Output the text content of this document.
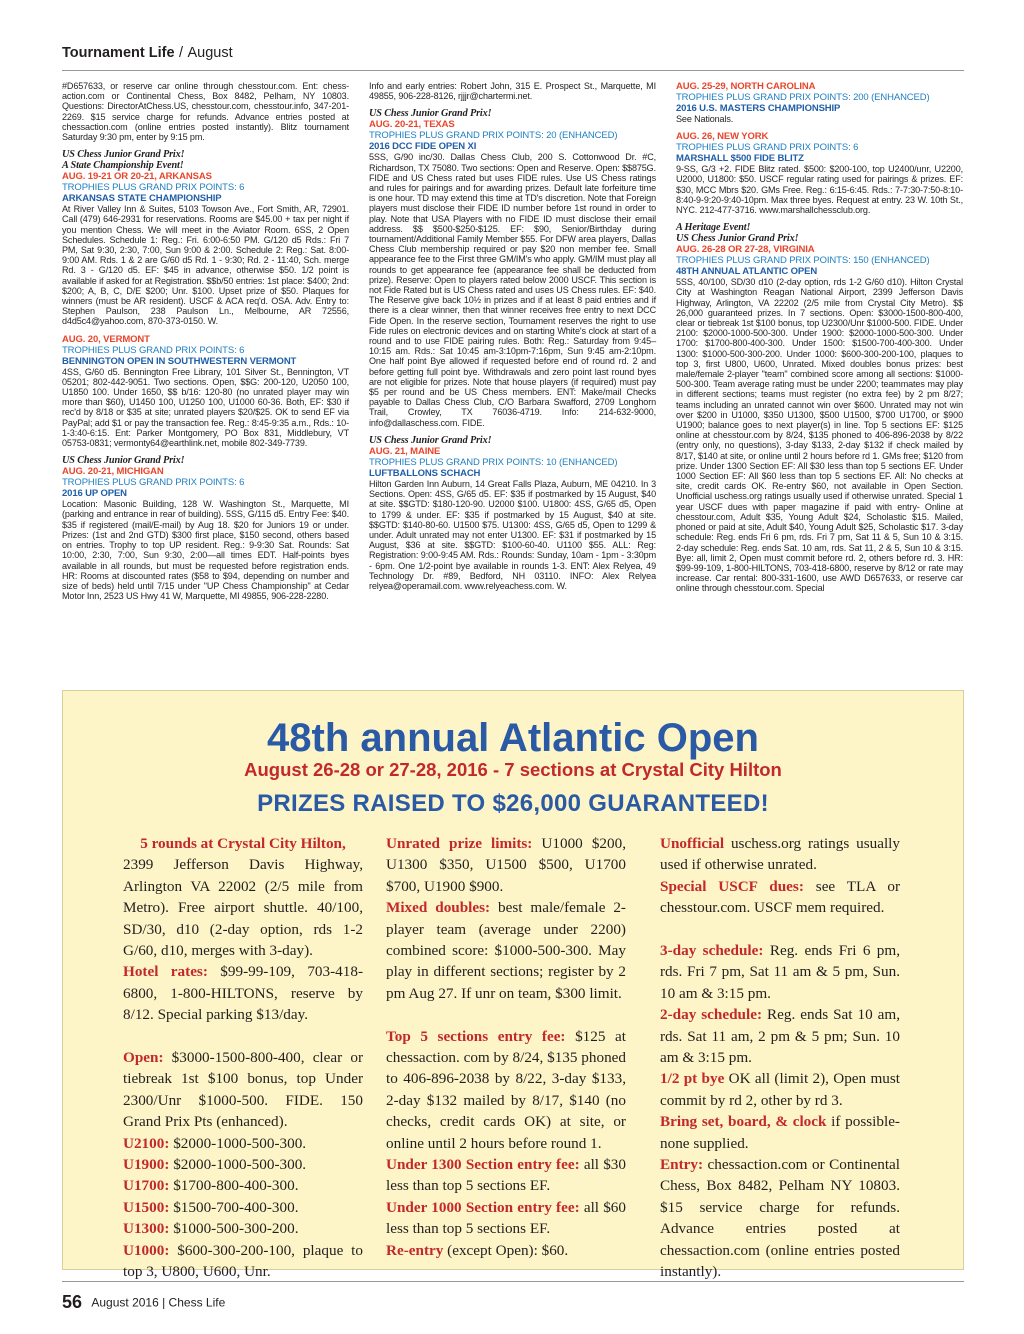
Tournament Life / August

#D657633, or reserve car online through chesstour.com. Ent: chess-action.com or Continental Chess, Box 8482, Pelham, NY 10803. Questions: DirectorAtChess.US, chesstour.com, chesstour.info, 347-201-2269. $15 service charge for refunds. Advance entries posted at chessaction.com (online entries posted instantly). Blitz tournament Saturday 9:30 pm, enter by 9:15 pm.

US Chess Junior Grand Prix!

A State Championship Event!

AUG. 19-21 OR 20-21, ARKANSAS

TROPHIES PLUS GRAND PRIX POINTS: 6

ARKANSAS STATE CHAMPIONSHIP

At River Valley Inn & Suites, 5103 Towson Ave., Fort Smith, AR, 72901. Call (479) 646-2931 for reservations. Rooms are $45.00 + tax per night if you mention Chess. We will meet in the Aviator Room. 6SS, 2 Open Schedules. Schedule 1: Reg.: Fri. 6:00-6:50 PM. G/120 d5 Rds.: Fri 7 PM, Sat 9:30, 2:30, 7:00, Sun 9:00 & 2:00. Schedule 2: Reg.: Sat. 8:00-9:00 AM. Rds. 1 & 2 are G/60 d5 Rd. 1 - 9:30; Rd. 2 - 11:40, Sch. merge Rd. 3 - G/120 d5. EF: $45 in advance, otherwise $50. 1/2 point is available if asked for at Registration. $$b/50 entries: 1st place: $400; 2nd: $200; A, B, C, D/E $200; Unr. $100. Upset prize of $50. Plaques for winners (must be AR resident). USCF & ACA req'd. OSA. Adv. Entry to: Stephen Paulson, 238 Paulson Ln., Melbourne, AR 72556, d4d5c4@yahoo.com, 870-373-0150. W.

AUG. 20, VERMONT

TROPHIES PLUS GRAND PRIX POINTS: 6

BENNINGTON OPEN IN SOUTHWESTERN VERMONT

4SS, G/60 d5. Bennington Free Library, 101 Silver St., Bennington, VT 05201; 802-442-9051. Two sections. Open, $$G: 200-120, U2050 100, U1850 100. Under 1650, $$ b/16: 120-80 (no unrated player may win more than $60), U1450 100, U1250 100, U1000 60-36. Both, EF: $30 if rec'd by 8/18 or $35 at site; unrated players $20/$25. OK to send EF via PayPal; add $1 or pay the transaction fee. Reg.: 8:45-9:35 a.m., Rds.: 10-1-3:40-6:15. Ent: Parker Montgomery, PO Box 831, Middlebury, VT 05753-0831; vermonty64@earthlink.net, mobile 802-349-7739.

US Chess Junior Grand Prix!

AUG. 20-21, MICHIGAN

TROPHIES PLUS GRAND PRIX POINTS: 6

2016 UP OPEN

Location: Masonic Building, 128 W. Washington St., Marquette, MI (parking and entrance in rear of building). 5SS, G/115 d5. Entry Fee: $40. $35 if registered (mail/E-mail) by Aug 18. $20 for Juniors 19 or under. Prizes: (1st and 2nd GTD) $300 first place, $150 second, others based on entries. Trophy to top UP resident. Reg.: 9-9:30 Sat. Rounds: Sat 10:00, 2:30, 7:00, Sun 9:30, 2:00—all times EDT. Half-points byes available in all rounds, but must be requested before registration ends. HR: Rooms at discounted rates ($58 to $94, depending on number and size of beds) held until 7/15 under "UP Chess Championship" at Cedar Motor Inn, 2523 US Hwy 41 W, Marquette, MI 49855, 906-228-2280.

Info and early entries: Robert John, 315 E. Prospect St., Marquette, MI 49855, 906-228-8126, rjjjr@chartermi.net.

US Chess Junior Grand Prix!

AUG. 20-21, TEXAS

TROPHIES PLUS GRAND PRIX POINTS: 20 (ENHANCED)

2016 DCC FIDE OPEN XI

5SS, G/90 inc/30. Dallas Chess Club, 200 S. Cottonwood Dr. #C, Richardson, TX 75080. Two sections: Open and Reserve. Open: $$875G. FIDE and US Chess rated but uses FIDE rules. Use US Chess ratings and rules for pairings and for awarding prizes. Default late forfeiture time is one hour. TD may extend this time at TD's discretion. Note that Foreign players must disclose their FIDE ID number before 1st round in order to play. Note that USA Players with no FIDE ID must disclose their email address. $$ $500-$250-$125. EF: $90, Senior/Birthday during tournament/Additional Family Member $55. For DFW area players, Dallas Chess Club membership required or pay $20 non member fee. Small appearance fee to the First three GM/IM's who apply. GM/IM must play all rounds to get appearance fee (appearance fee shall be deducted from prize). Reserve: Open to players rated below 2000 USCF. This section is not Fide Rated but is US Chess rated and uses US Chess rules. EF: $40. The Reserve give back 10½ in prizes and if at least 8 paid entries and if there is a clear winner, then that winner receives free entry to next DCC Fide Open. In the reserve section, Tournament reserves the right to use Fide rules on electronic devices and on starting White's clock at start of a round and to use FIDE pairing rules. Both: Reg.: Saturday from 9:45–10:15 am. Rds.: Sat 10:45 am-3:10pm-7:16pm, Sun 9:45 am-2:10pm. One half point Bye allowed if requested before end of round rd. 2 and before getting full point bye. Withdrawals and zero point last round byes are not eligible for prizes. Note that house players (if required) must pay $5 per round and be US Chess members. ENT: Make/mail Checks payable to Dallas Chess Club, C/O Barbara Swafford, 2709 Longhorn Trail, Crowley, TX 76036-4719. Info: 214-632-9000, info@dallaschess.com. FIDE.

US Chess Junior Grand Prix!

AUG. 21, MAINE

TROPHIES PLUS GRAND PRIX POINTS: 10 (ENHANCED)

LUFTBALLONS SCHACH

Hilton Garden Inn Auburn, 14 Great Falls Plaza, Auburn, ME 04210. In 3 Sections. Open: 4SS, G/65 d5. EF: $35 if postmarked by 15 August, $40 at site. $$GTD: $180-120-90. U2000 $100. U1800: 4SS, G/65 d5, Open to 1799 & under. EF: $35 if postmarked by 15 August, $40 at site. $$GTD: $140-80-60. U1500 $75. U1300: 4SS, G/65 d5, Open to 1299 & under. Adult unrated may not enter U1300. EF: $31 if postmarked by 15 August, $36 at site. $$GTD: $100-60-40. U1100 $55. ALL: Reg: Registration: 9:00-9:45 AM. Rds.: Rounds: Sunday, 10am - 1pm - 3:30pm - 6pm. One 1/2-point bye available in rounds 1-3. ENT: Alex Relyea, 49 Technology Dr. #89, Bedford, NH 03110. INFO: Alex Relyea relyea@operamail.com. www.relyeachess.com. W.

AUG. 25-29, NORTH CAROLINA

TROPHIES PLUS GRAND PRIX POINTS: 200 (ENHANCED)

2016 U.S. MASTERS CHAMPIONSHIP

See Nationals.

AUG. 26, NEW YORK

TROPHIES PLUS GRAND PRIX POINTS: 6

MARSHALL $500 FIDE BLITZ

9-SS, G/3 +2. FIDE Blitz rated. $500: $200-100, top U2400/unr, U2200, U2000, U1800: $50. USCF regular rating used for pairings & prizes. EF: $30, MCC Mbrs $20. GMs Free. Reg.: 6:15-6:45. Rds.: 7-7:30-7:50-8:10-8:40-9-9:20-9:40-10pm. Max three byes. Request at entry. 23 W. 10th St., NYC. 212-477-3716. www.marshallchessclub.org.

A Heritage Event!

US Chess Junior Grand Prix!

AUG. 26-28 OR 27-28, VIRGINIA

TROPHIES PLUS GRAND PRIX POINTS: 150 (ENHANCED)

48TH ANNUAL ATLANTIC OPEN

5SS, 40/100, SD/30 d10 (2-day option, rds 1-2 G/60 d10). Hilton Crystal City at Washington Reagan National Airport, 2399 Jefferson Davis Highway, Arlington, VA 22202 (2/5 mile from Crystal City Metro). $$ 26,000 guaranteed prizes. In 7 sections. Open: $3000-1500-800-400, clear or tiebreak 1st $100 bonus, top U2300/Unr $1000-500. FIDE. Under 2100: $2000-1000-500-300. Under 1900: $2000-1000-500-300. Under 1700: $1700-800-400-300. Under 1500: $1500-700-400-300. Under 1300: $1000-500-300-200. Under 1000: $600-300-200-100, plaques to top 3, first U800, U600, Unrated. Mixed doubles bonus prizes: best male/female 2-player "team" combined score among all sections: $1000-500-300. Team average rating must be under 2200; teammates may play in different sections; teams must register (no extra fee) by 2 pm 8/27; teams including an unrated cannot win over $600. Unrated may not win over $200 in U1000, $350 U1300, $500 U1500, $700 U1700, or $900 U1900; balance goes to next player(s) in line. Top 5 sections EF: $125 online at chesstour.com by 8/24, $135 phoned to 406-896-2038 by 8/22 (entry only, no questions), 3-day $133, 2-day $132 if check mailed by 8/17, $140 at site, or online until 2 hours before rd 1. GMs free; $120 from prize. Under 1300 Section EF: All $30 less than top 5 sections EF. Under 1000 Section EF: All $60 less than top 5 sections EF. All: No checks at site, credit cards OK. Re-entry $60, not available in Open Section. Unofficial uschess.org ratings usually used if otherwise unrated. Special 1 year USCF dues with paper magazine if paid with entry- Online at chesstour.com, Adult $35, Young Adult $24, Scholastic $15. Mailed, phoned or paid at site, Adult $40, Young Adult $25, Scholastic $17. 3-day schedule: Reg. ends Fri 6 pm, rds. Fri 7 pm, Sat 11 & 5, Sun 10 & 3:15. 2-day schedule: Reg. ends Sat. 10 am, rds. Sat 11, 2 & 5, Sun 10 & 3:15. Bye: all, limit 2, Open must commit before rd. 2, others before rd. 3. HR: $99-99-109, 1-800-HILTONS, 703-418-6800, reserve by 8/12 or rate may increase. Car rental: 800-331-1600, use AWD D657633, or reserve car online through chesstour.com. Special

48th annual Atlantic Open
August 26-28 or 27-28, 2016 - 7 sections at Crystal City Hilton
PRIZES RAISED TO $26,000 GUARANTEED!

5 rounds at Crystal City Hilton,

2399 Jefferson Davis Highway, Arlington VA 22002 (2/5 mile from Metro). Free airport shuttle. 40/100, SD/30, d10 (2-day option, rds 1-2 G/60, d10, merges with 3-day).

Hotel rates: $99-99-109, 703-418-6800, 1-800-HILTONS, reserve by 8/12. Special parking $13/day.

Open: $3000-1500-800-400, clear or tiebreak 1st $100 bonus, top Under 2300/Unr $1000-500. FIDE. 150 Grand Prix Pts (enhanced).

U2100: $2000-1000-500-300.

U1900: $2000-1000-500-300.

U1700: $1700-800-400-300.

U1500: $1500-700-400-300.

U1300: $1000-500-300-200.

U1000: $600-300-200-100, plaque to top 3, U800, U600, Unr.

Unrated prize limits: U1000 $200, U1300 $350, U1500 $500, U1700 $700, U1900 $900.

Mixed doubles: best male/female 2-player team (average under 2200) combined score: $1000-500-300. May play in different sections; register by 2 pm Aug 27. If unr on team, $300 limit.

Top 5 sections entry fee: $125 at chessaction. com by 8/24, $135 phoned to 406-896-2038 by 8/22, 3-day $133, 2-day $132 mailed by 8/17, $140 (no checks, credit cards OK) at site, or online until 2 hours before round 1.

Under 1300 Section entry fee: all $30 less than top 5 sections EF.

Under 1000 Section entry fee: all $60 less than top 5 sections EF.

Re-entry (except Open): $60.

Unofficial uschess.org ratings usually used if otherwise unrated.

Special USCF dues: see TLA or chesstour.com. USCF mem required.

3-day schedule: Reg. ends Fri 6 pm, rds. Fri 7 pm, Sat 11 am & 5 pm, Sun. 10 am & 3:15 pm.

2-day schedule: Reg. ends Sat 10 am, rds. Sat 11 am, 2 pm & 5 pm; Sun. 10 am & 3:15 pm.

1/2 pt bye OK all (limit 2), Open must commit by rd 2, other by rd 3.

Bring set, board, & clock if possible- none supplied.

Entry: chessaction.com or Continental Chess, Box 8482, Pelham NY 10803. $15 service charge for refunds. Advance entries posted at chessaction.com (online entries posted instantly).

56 August 2016 | Chess Life
